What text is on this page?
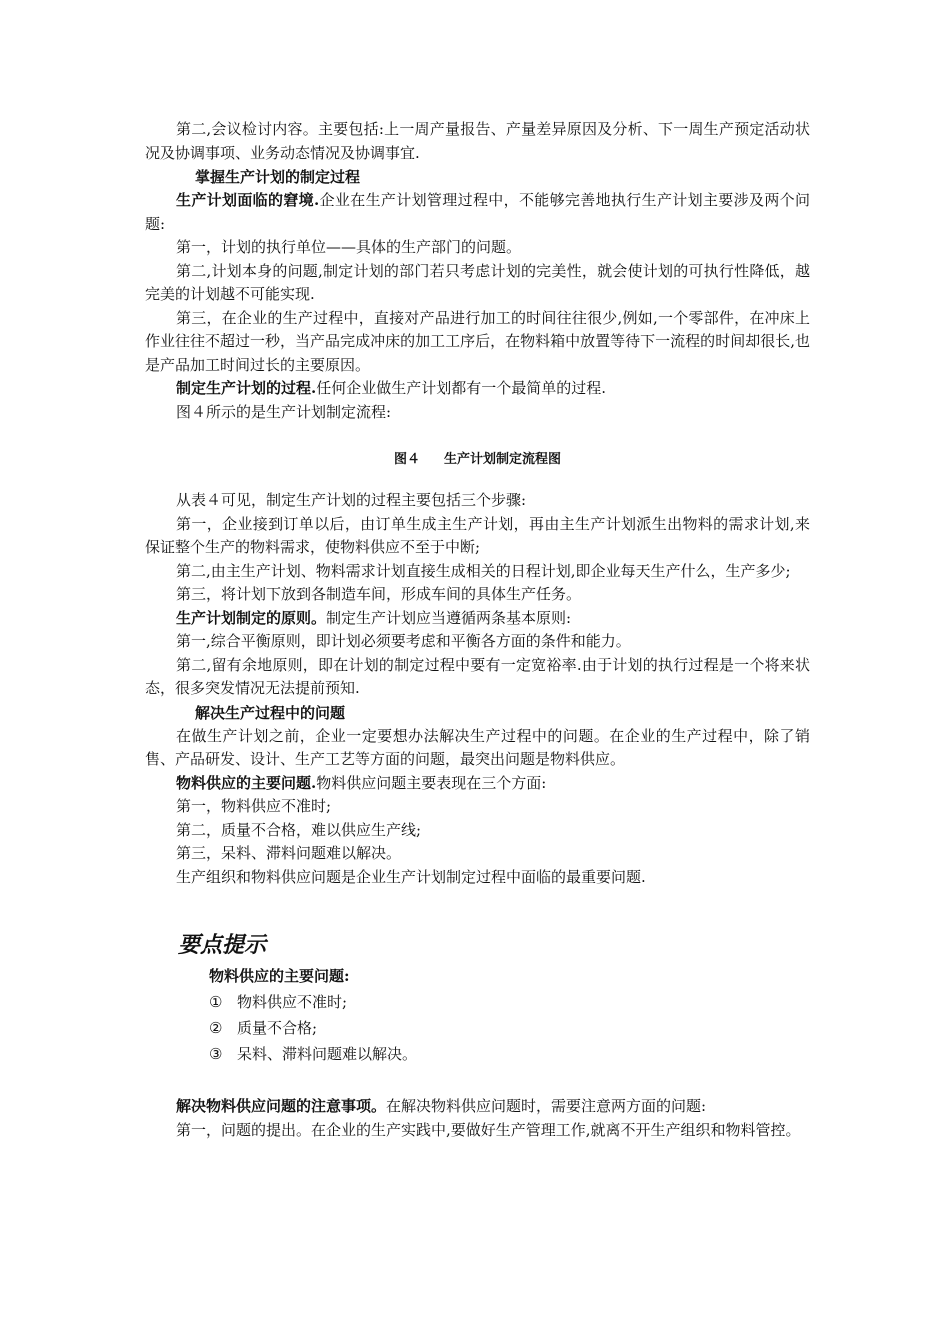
第二,会议检讨内容。主要包括:上一周产量报告、产量差异原因及分析、下一周生产预定活动状况及协调事项、业务动态情况及协调事宜.

掌握生产计划的制定过程

生产计划面临的窘境.企业在生产计划管理过程中，不能够完善地执行生产计划主要涉及两个问题:

第一，计划的执行单位——具体的生产部门的问题。

第二,计划本身的问题,制定计划的部门若只考虑计划的完美性，就会使计划的可执行性降低，越完美的计划越不可能实现.

第三，在企业的生产过程中，直接对产品进行加工的时间往往很少,例如,一个零部件，在冲床上作业往往不超过一秒，当产品完成冲床的加工工序后，在物料箱中放置等待下一流程的时间却很长,也是产品加工时间过长的主要原因。

制定生产计划的过程.任何企业做生产计划都有一个最简单的过程.

图４所示的是生产计划制定流程:

图４ 生产计划制定流程图

从表４可见，制定生产计划的过程主要包括三个步骤:

第一，企业接到订单以后，由订单生成主生产计划，再由主生产计划派生出物料的需求计划,来保证整个生产的物料需求，使物料供应不至于中断;

第二,由主生产计划、物料需求计划直接生成相关的日程计划,即企业每天生产什么，生产多少;

第三，将计划下放到各制造车间，形成车间的具体生产任务。

生产计划制定的原则。制定生产计划应当遵循两条基本原则:

第一,综合平衡原则，即计划必须要考虑和平衡各方面的条件和能力。

第二,留有余地原则，即在计划的制定过程中要有一定宽裕率.由于计划的执行过程是一个将来状态，很多突发情况无法提前预知.

解决生产过程中的问题

在做生产计划之前，企业一定要想办法解决生产过程中的问题。在企业的生产过程中，除了销售、产品研发、设计、生产工艺等方面的问题，最突出问题是物料供应。

物料供应的主要问题.物料供应问题主要表现在三个方面:

第一，物料供应不准时;

第二，质量不合格，难以供应生产线;

第三，呆料、滞料问题难以解决。

生产组织和物料供应问题是企业生产计划制定过程中面临的最重要问题.

要点提示

物料供应的主要问题:

① 物料供应不准时;

② 质量不合格;

③ 呆料、滞料问题难以解决。

解决物料供应问题的注意事项。在解决物料供应问题时，需要注意两方面的问题:

第一，问题的提出。在企业的生产实践中,要做好生产管理工作,就离不开生产组织和物料管控。
